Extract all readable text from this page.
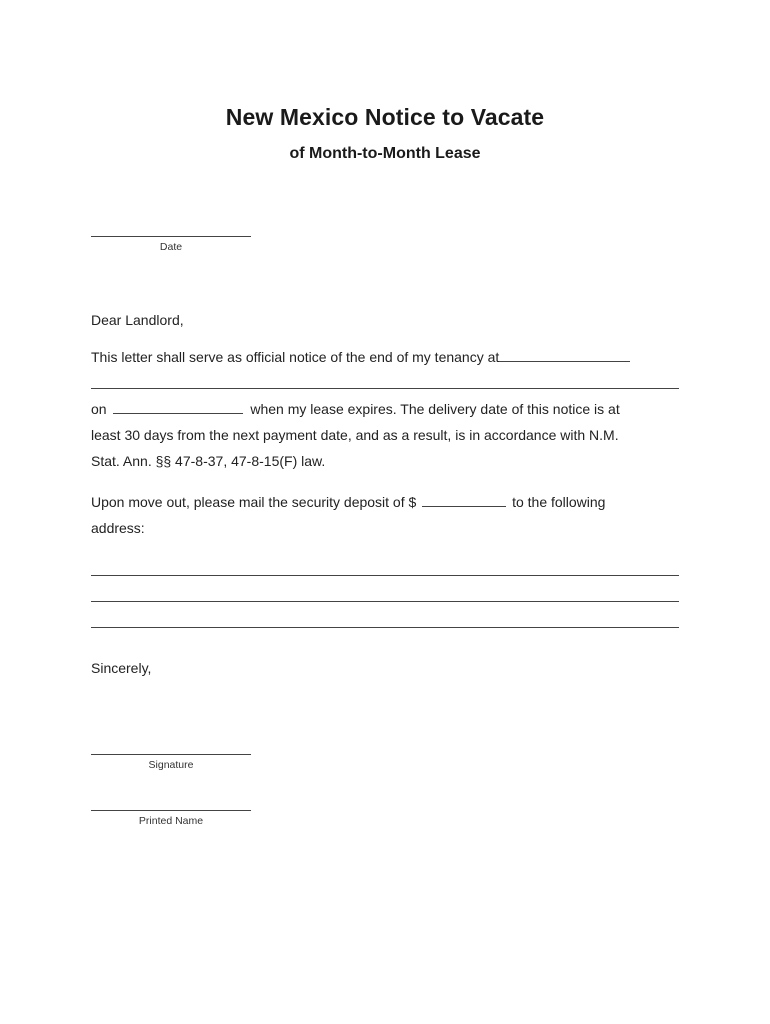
New Mexico Notice to Vacate
of Month-to-Month Lease
Date
Dear Landlord,
This letter shall serve as official notice of the end of my tenancy at
on	when my lease expires. The delivery date of this notice is at
least 30 days from the next payment date, and as a result, is in accordance with N.M.
Stat. Ann. §§ 47-8-37, 47-8-15(F) law.
Upon move out, please mail the security deposit of $	to the following
address:
Sincerely,
Signature
Printed Name
